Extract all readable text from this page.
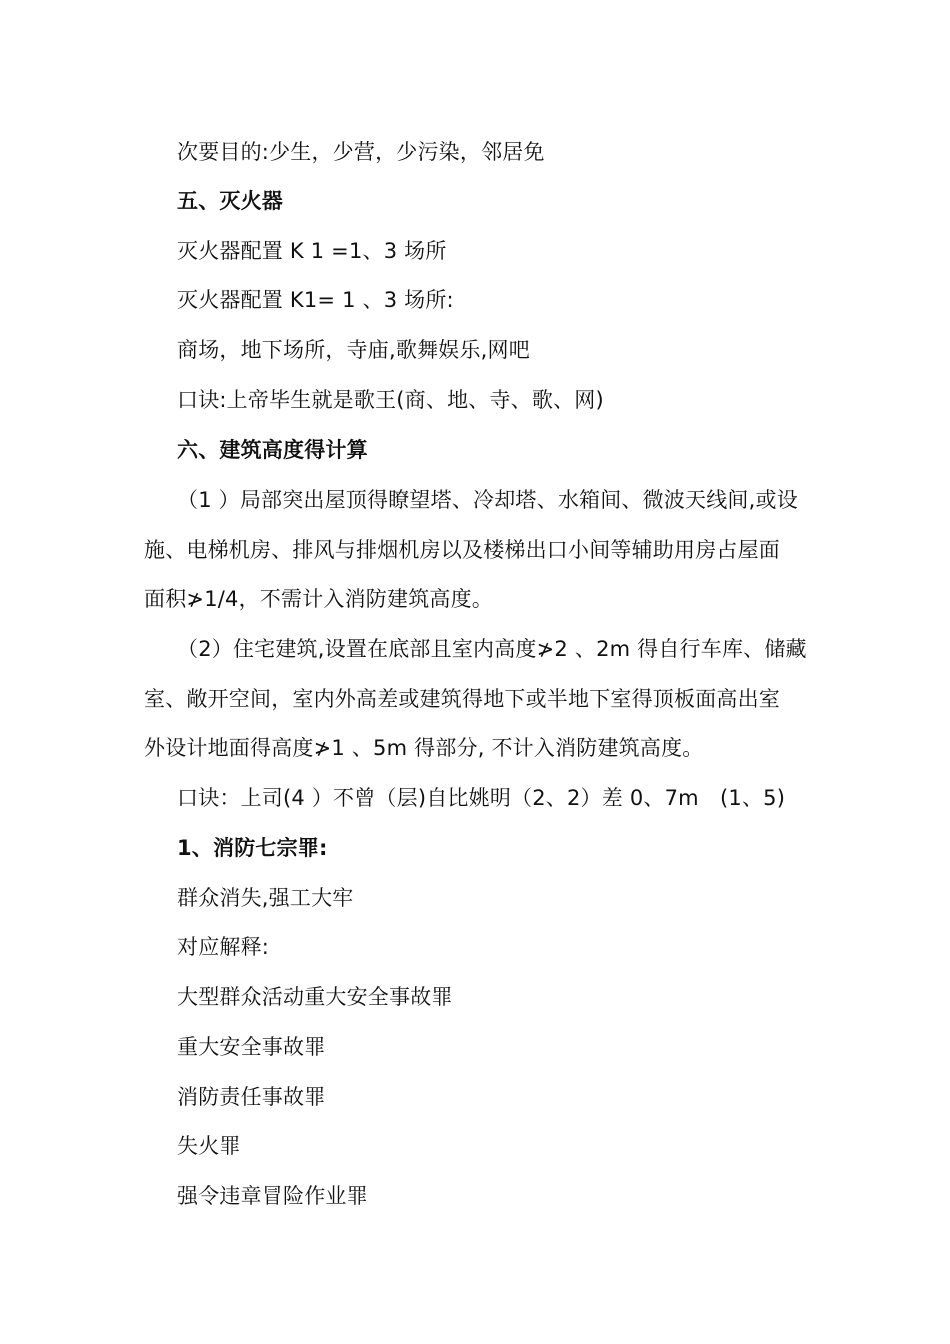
次要目的:少生，少营，少污染，邻居免
五、灭火器
灭火器配置 K 1 =1、3 场所
灭火器配置 K1= 1 、3 场所:
商场，地下场所，寺庙,歌舞娱乐,网吧
口诀:上帝毕生就是歌王(商、地、寺、歌、网)
六、建筑高度得计算
（1 ）局部突出屋顶得瞭望塔、冷却塔、水箱间、微波天线间,或设
施、电梯机房、排风与排烟机房以及楼梯出口小间等辅助用房占屋面
面积≯1/4，不需计入消防建筑高度。
（2）住宅建筑,设置在底部且室内高度≯2 、2m 得自行车库、储藏
室、敞开空间，室内外高差或建筑得地下或半地下室得顶板面高出室
外设计地面得高度≯1 、5m 得部分, 不计入消防建筑高度。
口诀：上司(4 ）不曾（层)自比姚明（2、2）差 0、7m　(1、5)
1、消防七宗罪:
群众消失,强工大牢
对应解释:
大型群众活动重大安全事故罪
重大安全事故罪
消防责任事故罪
失火罪
强令违章冒险作业罪
